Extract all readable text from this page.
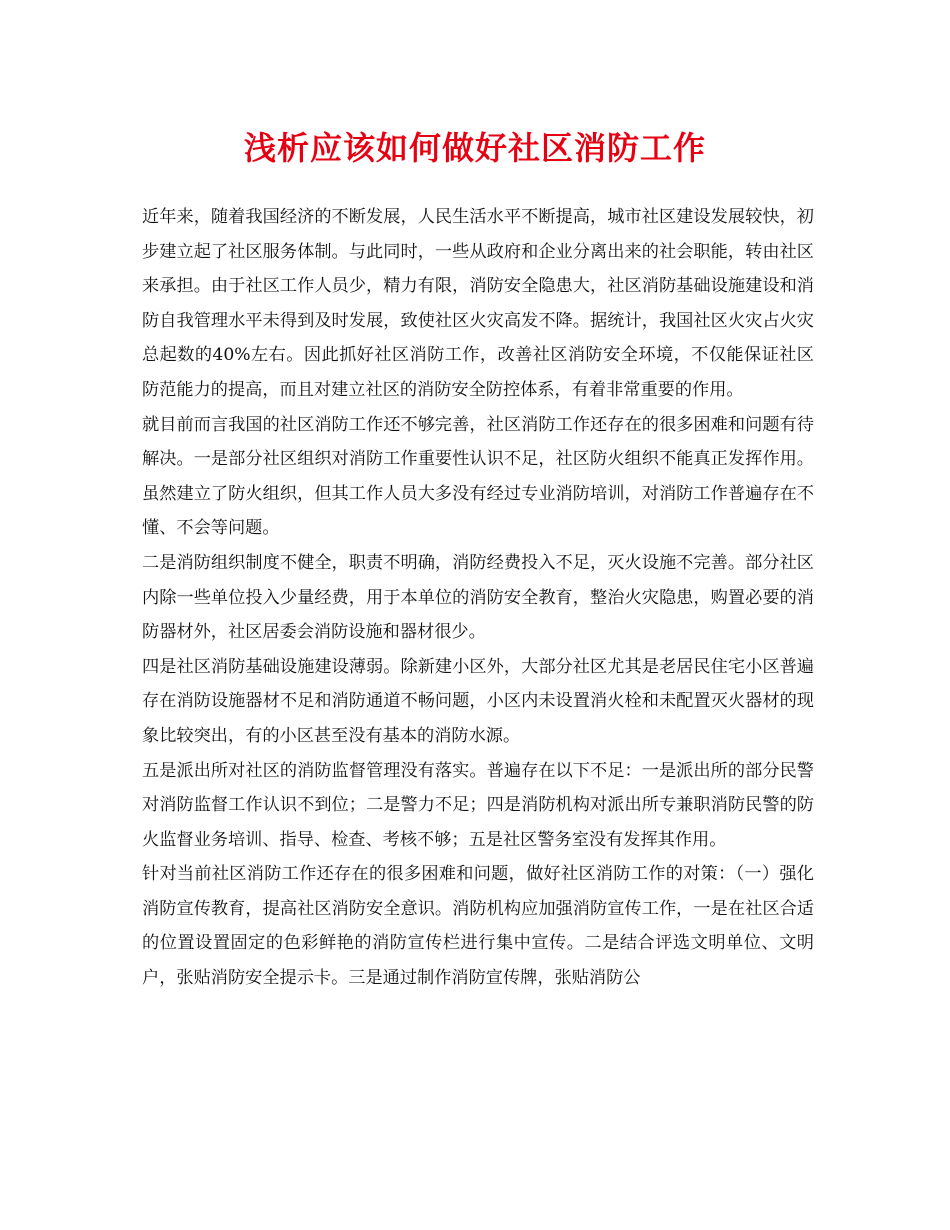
浅析应该如何做好社区消防工作

近年来，随着我国经济的不断发展，人民生活水平不断提高，城市社区建设发展较快，初步建立起了社区服务体制。与此同时，一些从政府和企业分离出来的社会职能，转由社区来承担。由于社区工作人员少，精力有限，消防安全隐患大，社区消防基础设施建设和消防自我管理水平未得到及时发展，致使社区火灾高发不降。据统计，我国社区火灾占火灾总起数的40%左右。因此抓好社区消防工作，改善社区消防安全环境，不仅能保证社区防范能力的提高，而且对建立社区的消防安全防控体系，有着非常重要的作用。

就目前而言我国的社区消防工作还不够完善，社区消防工作还存在的很多困难和问题有待解决。一是部分社区组织对消防工作重要性认识不足，社区防火组织不能真正发挥作用。虽然建立了防火组织，但其工作人员大多没有经过专业消防培训，对消防工作普遍存在不懂、不会等问题。

二是消防组织制度不健全，职责不明确，消防经费投入不足，灭火设施不完善。部分社区内除一些单位投入少量经费，用于本单位的消防安全教育，整治火灾隐患，购置必要的消防器材外，社区居委会消防设施和器材很少。

四是社区消防基础设施建设薄弱。除新建小区外，大部分社区尤其是老居民住宅小区普遍存在消防设施器材不足和消防通道不畅问题，小区内未设置消火栓和未配置灭火器材的现象比较突出，有的小区甚至没有基本的消防水源。

五是派出所对社区的消防监督管理没有落实。普遍存在以下不足：一是派出所的部分民警对消防监督工作认识不到位；二是警力不足；四是消防机构对派出所专兼职消防民警的防火监督业务培训、指导、检查、考核不够；五是社区警务室没有发挥其作用。

针对当前社区消防工作还存在的很多困难和问题，做好社区消防工作的对策：（一）强化消防宣传教育，提高社区消防安全意识。消防机构应加强消防宣传工作，一是在社区合适的位置设置固定的色彩鲜艳的消防宣传栏进行集中宣传。二是结合评选文明单位、文明户，张贴消防安全提示卡。三是通过制作消防宣传牌，张贴消防公
